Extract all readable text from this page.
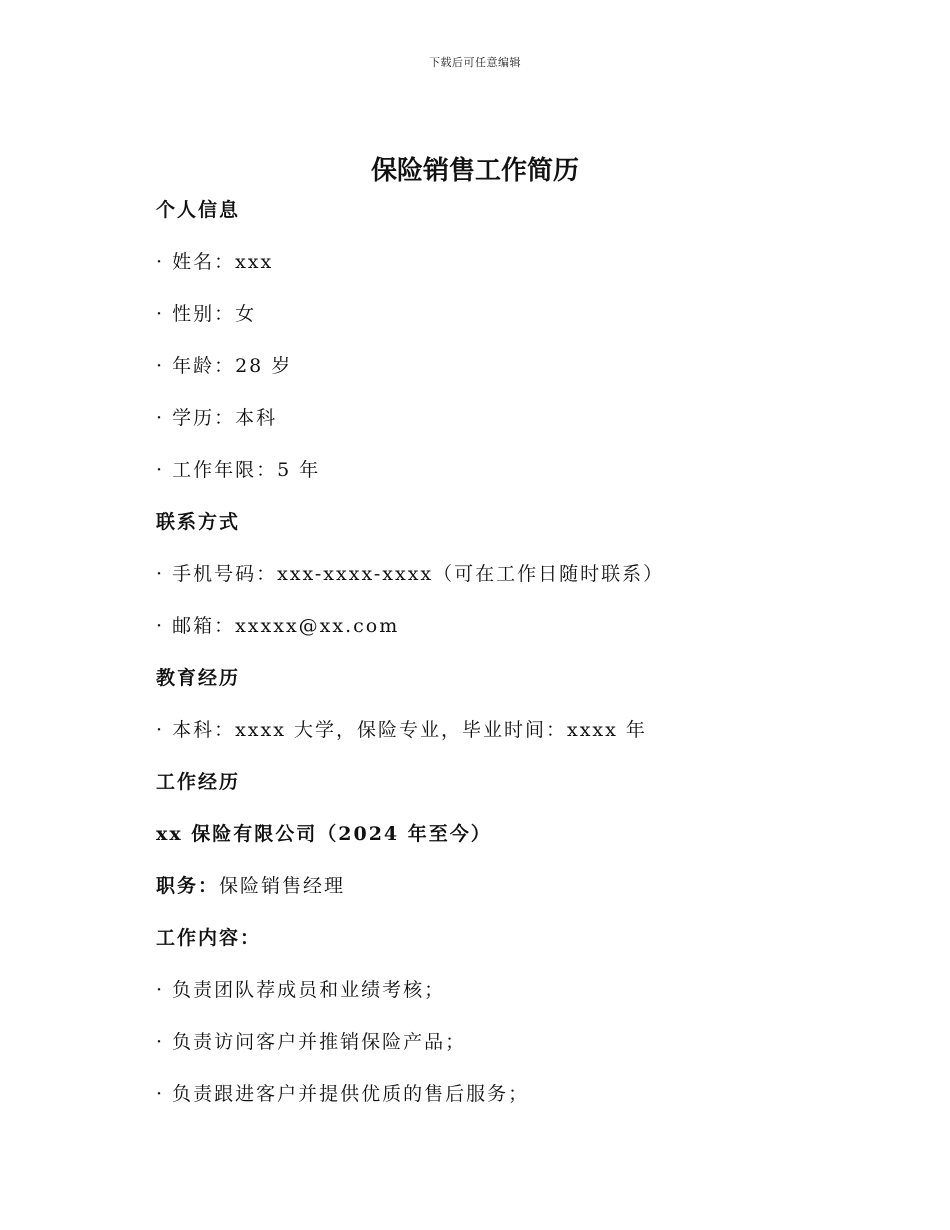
下载后可任意编辑
保险销售工作简历
个人信息
· 姓名：xxx
· 性别：女
· 年龄：28 岁
· 学历：本科
· 工作年限：5 年
联系方式
· 手机号码：xxx-xxxx-xxxx（可在工作日随时联系）
· 邮箱：xxxxx@xx.com
教育经历
· 本科：xxxx 大学，保险专业，毕业时间：xxxx 年
工作经历
xx 保险有限公司（2024 年至今）
职务：保险销售经理
工作内容：
· 负责团队荐成员和业绩考核；
· 负责访问客户并推销保险产品；
· 负责跟进客户并提供优质的售后服务；
